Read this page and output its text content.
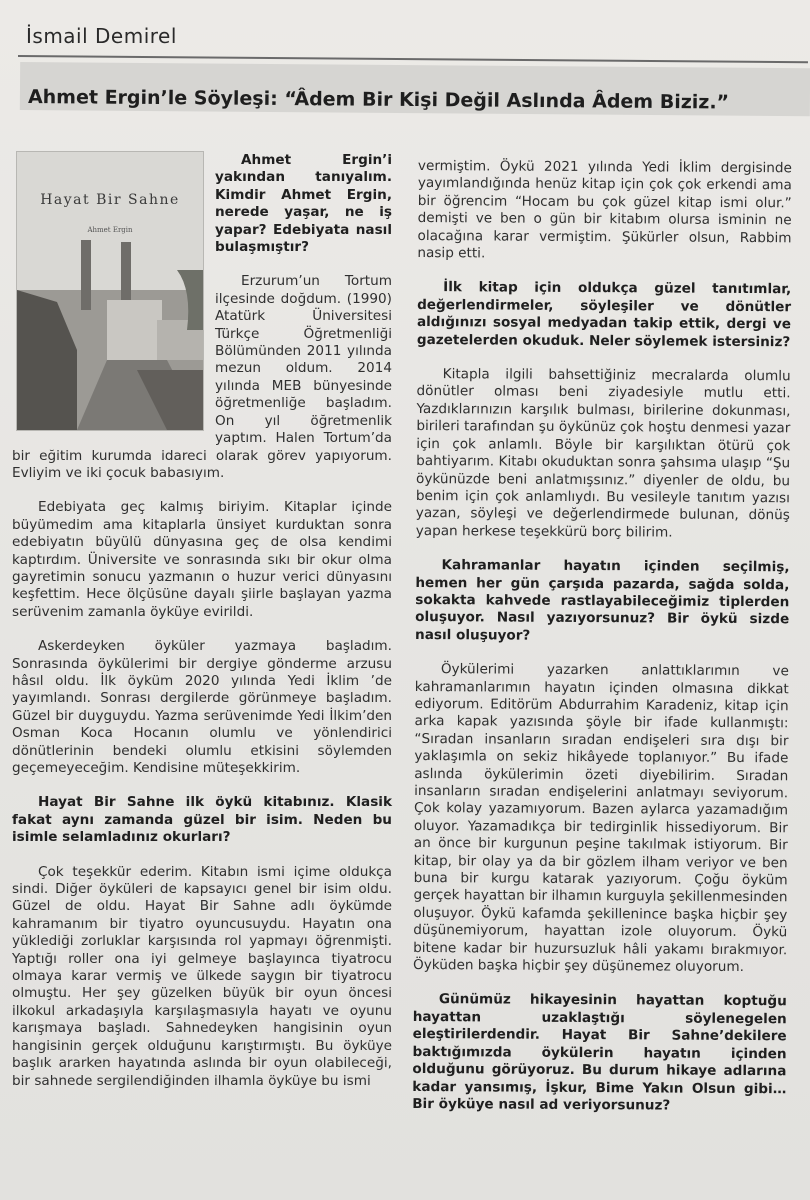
İsmail Demirel
Ahmet Ergin’le Söyleşi: “Âdem Bir Kişi Değil Aslında Âdem Biziz.”
Hayat Bir Sahne
Ahmet Ergin

Ahmet Ergin’i yakından tanıyalım. Kimdir Ahmet Ergin, nerede yaşar, ne iş yapar? Edebiyata nasıl bulaşmıştır?

Erzurum’un Tortum ilçesinde doğdum. (1990) Atatürk Üniversitesi Türkçe Öğretmenliği Bölümünden 2011 yılında mezun oldum. 2014 yılında MEB bünyesinde öğretmenliğe başladım. On yıl öğretmenlik yaptım. Halen Tortum’da bir eğitim kurumda idareci olarak görev yapıyorum. Evliyim ve iki çocuk babasıyım.

Edebiyata geç kalmış biriyim. Kitaplar içinde büyümedim ama kitaplarla ünsiyet kurduktan sonra edebiyatın büyülü dünyasına geç de olsa kendimi kaptırdım. Üniversite ve sonrasında sıkı bir okur olma gayretimin sonucu yazmanın o huzur verici dünyasını keşfettim. Hece ölçüsüne dayalı şiirle başlayan yazma serüvenim zamanla öyküye evirildi.

Askerdeyken öyküler yazmaya başladım. Sonrasında öykülerimi bir dergiye gönderme arzusu hâsıl oldu. İlk öyküm 2020 yılında Yedi İklim ’de yayımlandı. Sonrası dergilerde görünmeye başladım. Güzel bir duyguydu. Yazma serüvenimde Yedi İlkim’den Osman Koca Hocanın olumlu ve yönlendirici dönütlerinin bendeki olumlu etkisini söylemden geçemeyeceğim. Kendisine müteşekkirim.

Hayat Bir Sahne ilk öykü kitabınız. Klasik fakat aynı zamanda güzel bir isim. Neden bu isimle selamladınız okurları?

Çok teşekkür ederim. Kitabın ismi içime oldukça sindi. Diğer öyküleri de kapsayıcı genel bir isim oldu. Güzel de oldu. Hayat Bir Sahne adlı öykümde kahramanım bir tiyatro oyuncusuydu. Hayatın ona yüklediği zorluklar karşısında rol yapmayı öğrenmişti. Yaptığı roller ona iyi gelmeye başlayınca tiyatrocu olmaya karar vermiş ve ülkede saygın bir tiyatrocu olmuştu. Her şey güzelken büyük bir oyun öncesi ilkokul arkadaşıyla karşılaşmasıyla hayatı ve oyunu karışmaya başladı. Sahnedeyken hangisinin oyun hangisinin gerçek olduğunu karıştırmıştı. Bu öyküye başlık ararken hayatında aslında bir oyun olabileceği, bir sahnede sergilendiğinden ilhamla öyküye bu ismi

vermiştim. Öykü 2021 yılında Yedi İklim dergisinde yayımlandığında henüz kitap için çok çok erkendi ama bir öğrencim “Hocam bu çok güzel kitap ismi olur.” demişti ve ben o gün bir kitabım olursa isminin ne olacağına karar vermiştim. Şükürler olsun, Rabbim nasip etti.

İlk kitap için oldukça güzel tanıtımlar, değerlendirmeler, söyleşiler ve dönütler aldığınızı sosyal medyadan takip ettik, dergi ve gazetelerden okuduk. Neler söylemek istersiniz?

Kitapla ilgili bahsettiğiniz mecralarda olumlu dönütler olması beni ziyadesiyle mutlu etti. Yazdıklarınızın karşılık bulması, birilerine dokunması, birileri tarafından şu öykünüz çok hoştu denmesi yazar için çok anlamlı. Böyle bir karşılıktan ötürü çok bahtiyarım. Kitabı okuduktan sonra şahsıma ulaşıp “Şu öykünüzde beni anlatmışsınız.” diyenler de oldu, bu benim için çok anlamlıydı. Bu vesileyle tanıtım yazısı yazan, söyleşi ve değerlendirmede bulunan, dönüş yapan herkese teşekkürü borç bilirim.

Kahramanlar hayatın içinden seçilmiş, hemen her gün çarşıda pazarda, sağda solda, sokakta kahvede rastlayabileceğimiz tiplerden oluşuyor. Nasıl yazıyorsunuz? Bir öykü sizde nasıl oluşuyor?

Öykülerimi yazarken anlattıklarımın ve kahramanlarımın hayatın içinden olmasına dikkat ediyorum. Editörüm Abdurrahim Karadeniz, kitap için arka kapak yazısında şöyle bir ifade kullanmıştı: “Sıradan insanların sıradan endişeleri sıra dışı bir yaklaşımla on sekiz hikâyede toplanıyor.” Bu ifade aslında öykülerimin özeti diyebilirim. Sıradan insanların sıradan endişelerini anlatmayı seviyorum. Çok kolay yazamıyorum. Bazen aylarca yazamadığım oluyor. Yazamadıkça bir tedirginlik hissediyorum. Bir an önce bir kurgunun peşine takılmak istiyorum. Bir kitap, bir olay ya da bir gözlem ilham veriyor ve ben buna bir kurgu katarak yazıyorum. Çoğu öyküm gerçek hayattan bir ilhamın kurguyla şekillenmesinden oluşuyor. Öykü kafamda şekillenince başka hiçbir şey düşünemiyorum, hayattan izole oluyorum. Öykü bitene kadar bir huzursuzluk hâli yakamı bırakmıyor. Öyküden başka hiçbir şey düşünemez oluyorum.

Günümüz hikayesinin hayattan koptuğu hayattan uzaklaştığı söylenegelen eleştirilerdendir. Hayat Bir Sahne’dekilere baktığımızda öykülerin hayatın içinden olduğunu görüyoruz. Bu durum hikaye adlarına kadar yansımış, İşkur, Bime Yakın Olsun gibi… Bir öyküye nasıl ad veriyorsunuz?
